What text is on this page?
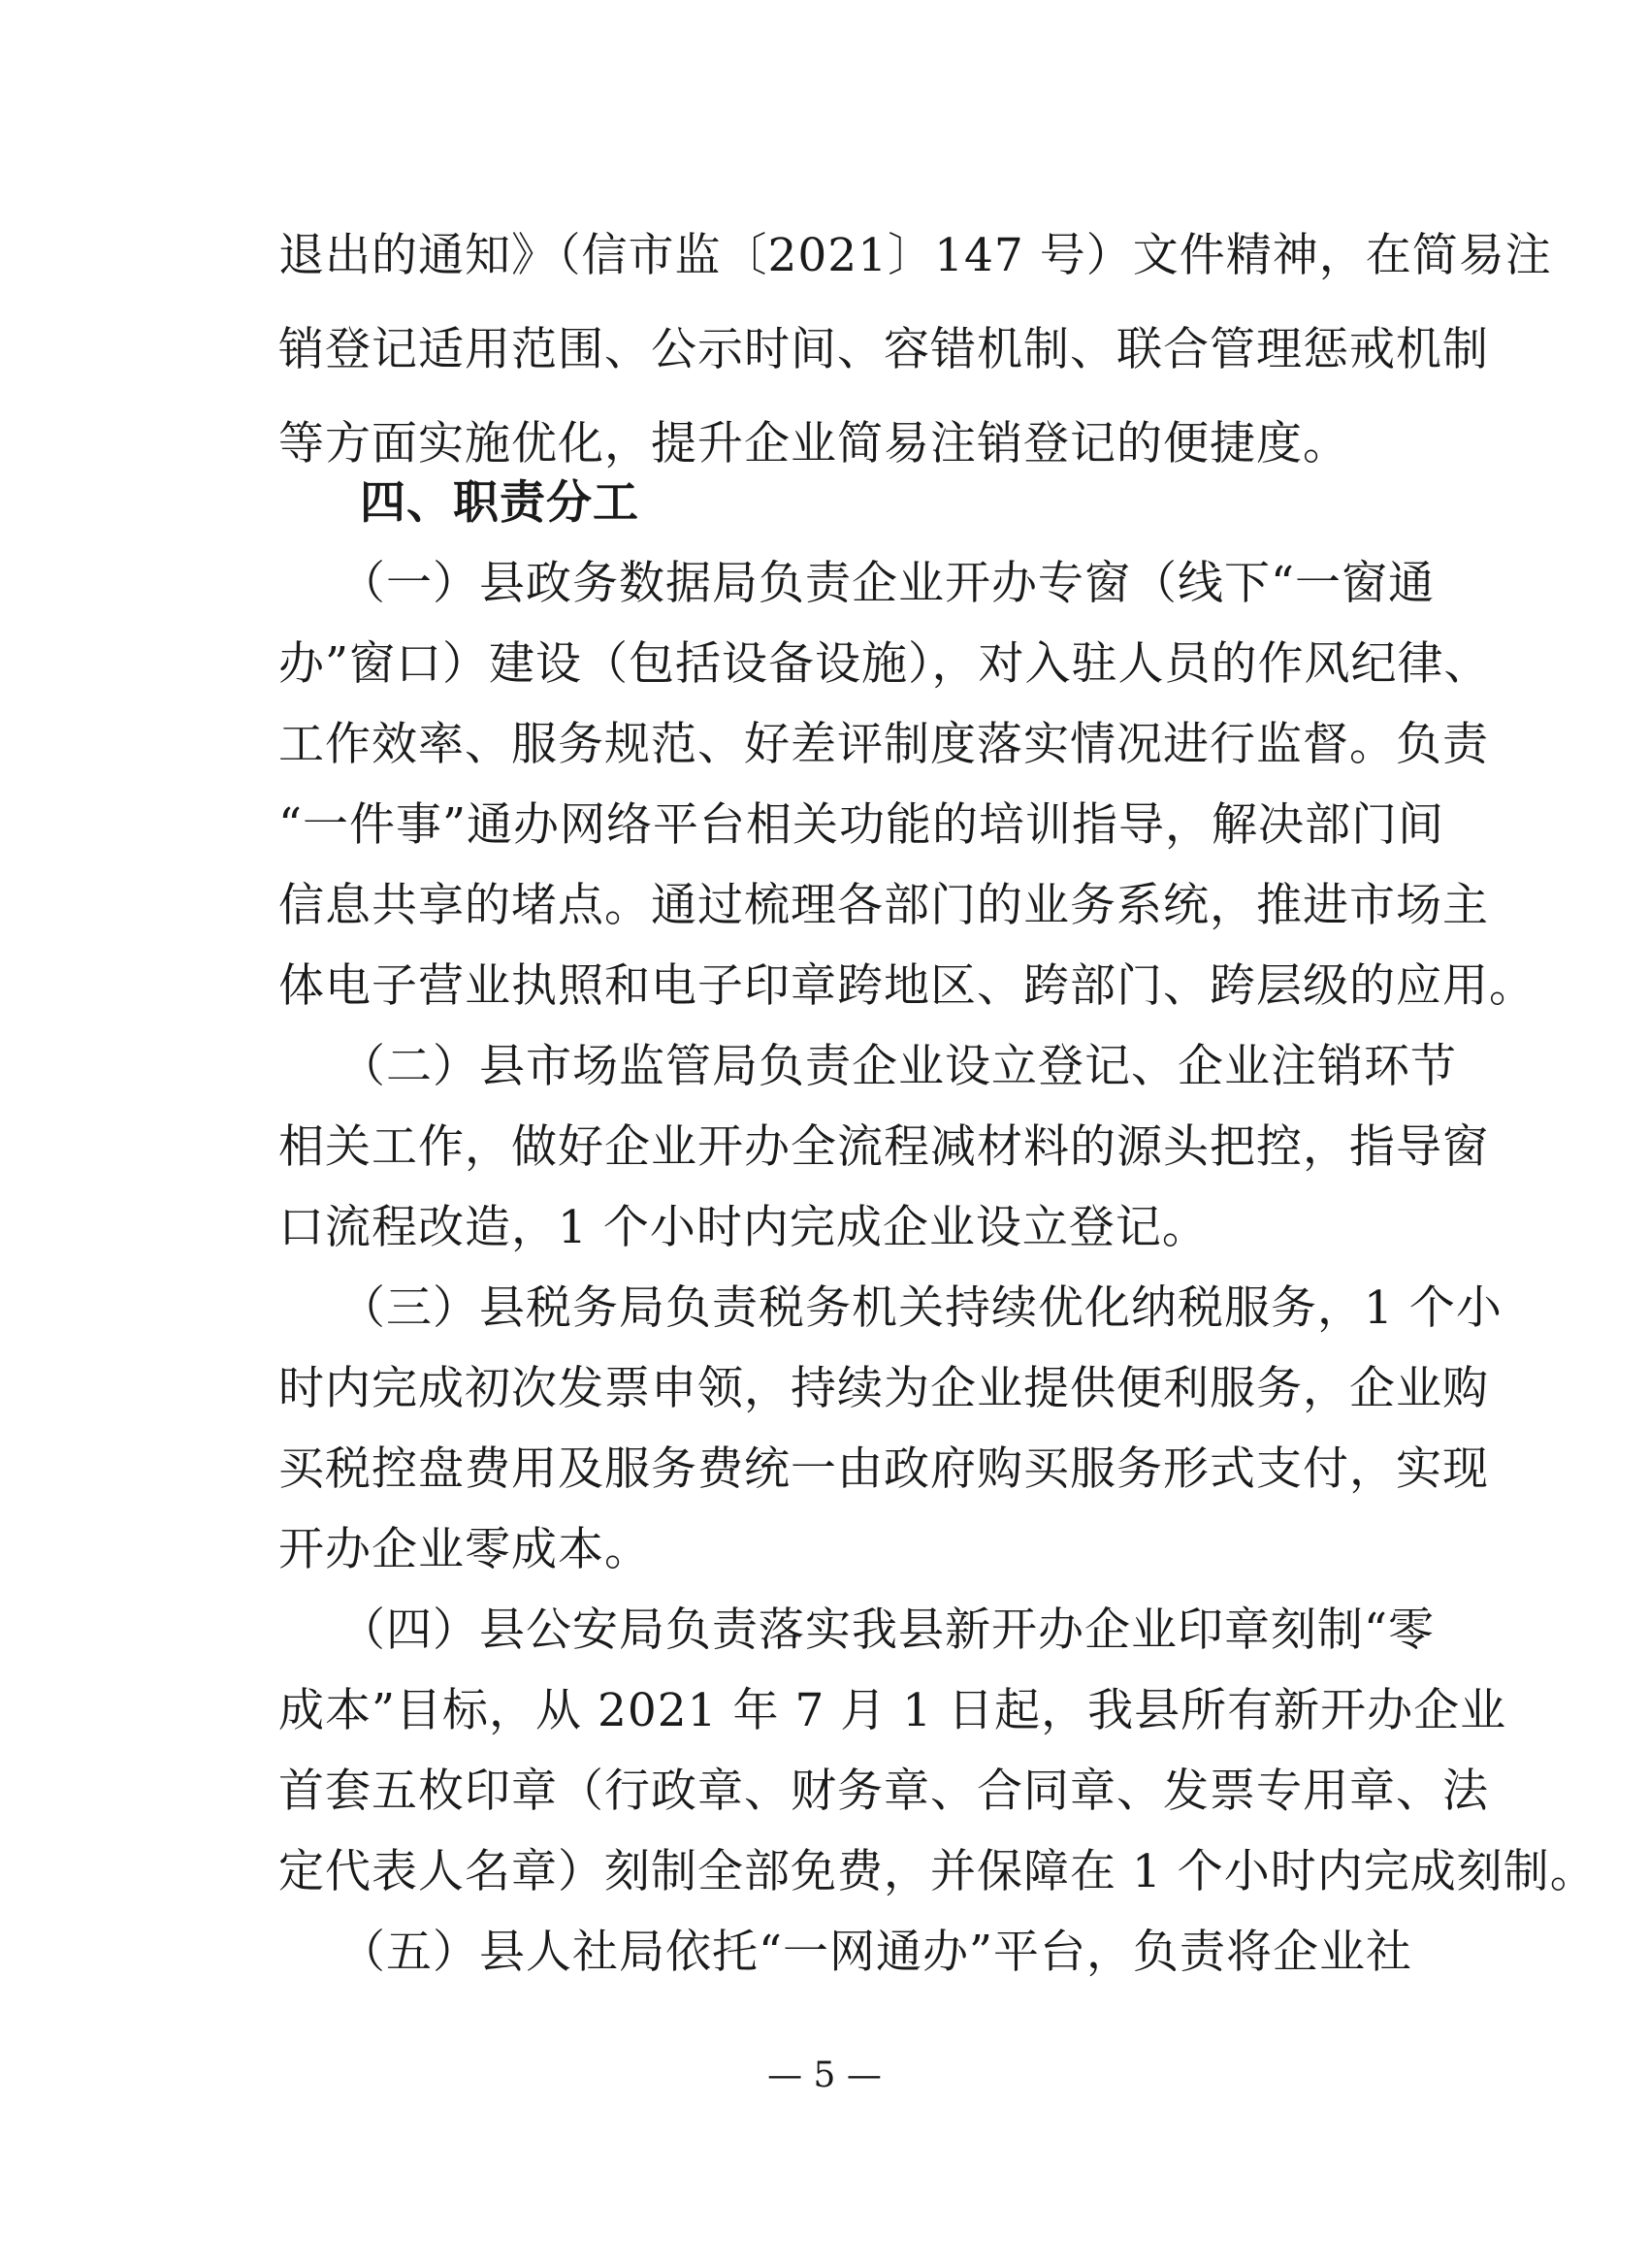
退出的通知》（信市监〔2021〕147 号）文件精神，在简易注
销登记适用范围、公示时间、容错机制、联合管理惩戒机制
等方面实施优化，提升企业简易注销登记的便捷度。
四、职责分工
（一）县政务数据局负责企业开办专窗（线下“一窗通
办”窗口）建设（包括设备设施），对入驻人员的作风纪律、
工作效率、服务规范、好差评制度落实情况进行监督。负责
“一件事”通办网络平台相关功能的培训指导，解决部门间
信息共享的堵点。通过梳理各部门的业务系统，推进市场主
体电子营业执照和电子印章跨地区、跨部门、跨层级的应用。
（二）县市场监管局负责企业设立登记、企业注销环节
相关工作，做好企业开办全流程减材料的源头把控，指导窗
口流程改造，1 个小时内完成企业设立登记。
（三）县税务局负责税务机关持续优化纳税服务，1 个小
时内完成初次发票申领，持续为企业提供便利服务，企业购
买税控盘费用及服务费统一由政府购买服务形式支付，实现
开办企业零成本。
（四）县公安局负责落实我县新开办企业印章刻制“零
成本”目标，从 2021 年 7 月 1 日起，我县所有新开办企业
首套五枚印章（行政章、财务章、合同章、发票专用章、法
定代表人名章）刻制全部免费，并保障在 1 个小时内完成刻制。
（五）县人社局依托“一网通办”平台，负责将企业社
— 5 —
